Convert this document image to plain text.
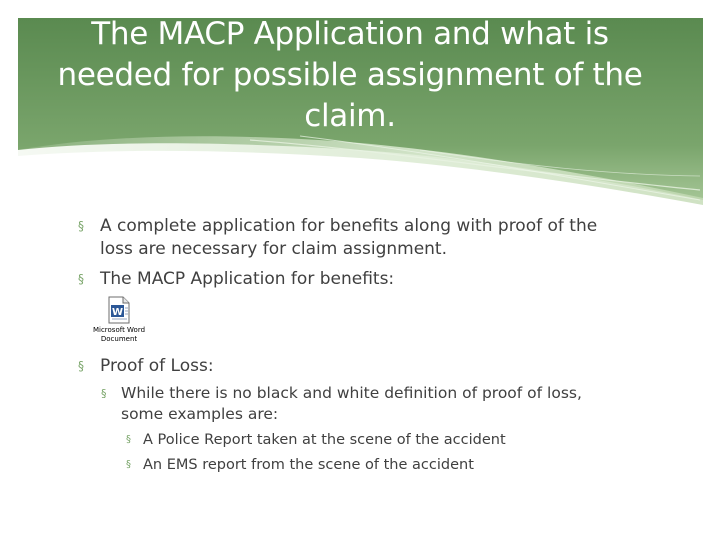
The MACP Application and what is needed for possible assignment of the claim.
§ A complete application for benefits along with proof of the
loss are necessary for claim assignment.
§ The MACP Application for benefits:
W
Microsoft Word
Document
§ Proof of Loss:
§ While there is no black and white definition of proof of loss,
some examples are:
§ A Police Report taken at the scene of the accident
§ An EMS report from the scene of the accident
